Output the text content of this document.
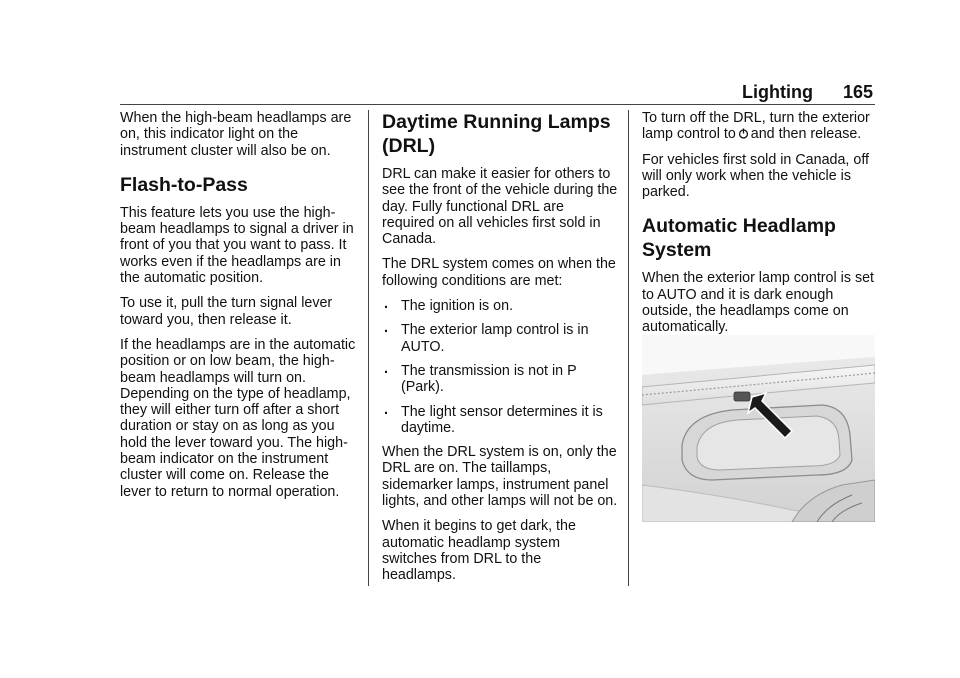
Lighting 165

When the high-beam headlamps are on, this indicator light on the instrument cluster will also be on.

Flash-to-Pass

This feature lets you use the high-beam headlamps to signal a driver in front of you that you want to pass. It works even if the headlamps are in the automatic position.

To use it, pull the turn signal lever toward you, then release it.

If the headlamps are in the automatic position or on low beam, the high-beam headlamps will turn on. Depending on the type of headlamp, they will either turn off after a short duration or stay on as long as you hold the lever toward you. The high-beam indicator on the instrument cluster will come on. Release the lever to return to normal operation.

Daytime Running Lamps (DRL)

DRL can make it easier for others to see the front of the vehicle during the day. Fully functional DRL are required on all vehicles first sold in Canada.

The DRL system comes on when the following conditions are met:

. The ignition is on.
. The exterior lamp control is in AUTO.
. The transmission is not in P (Park).
. The light sensor determines it is daytime.

When the DRL system is on, only the DRL are on. The taillamps, sidemarker lamps, instrument panel lights, and other lamps will not be on.

When it begins to get dark, the automatic headlamp system switches from DRL to the headlamps.

To turn off the DRL, turn the exterior lamp control to and then release.

For vehicles first sold in Canada, off will only work when the vehicle is parked.

Automatic Headlamp System

When the exterior lamp control is set to AUTO and it is dark enough outside, the headlamps come on automatically.
